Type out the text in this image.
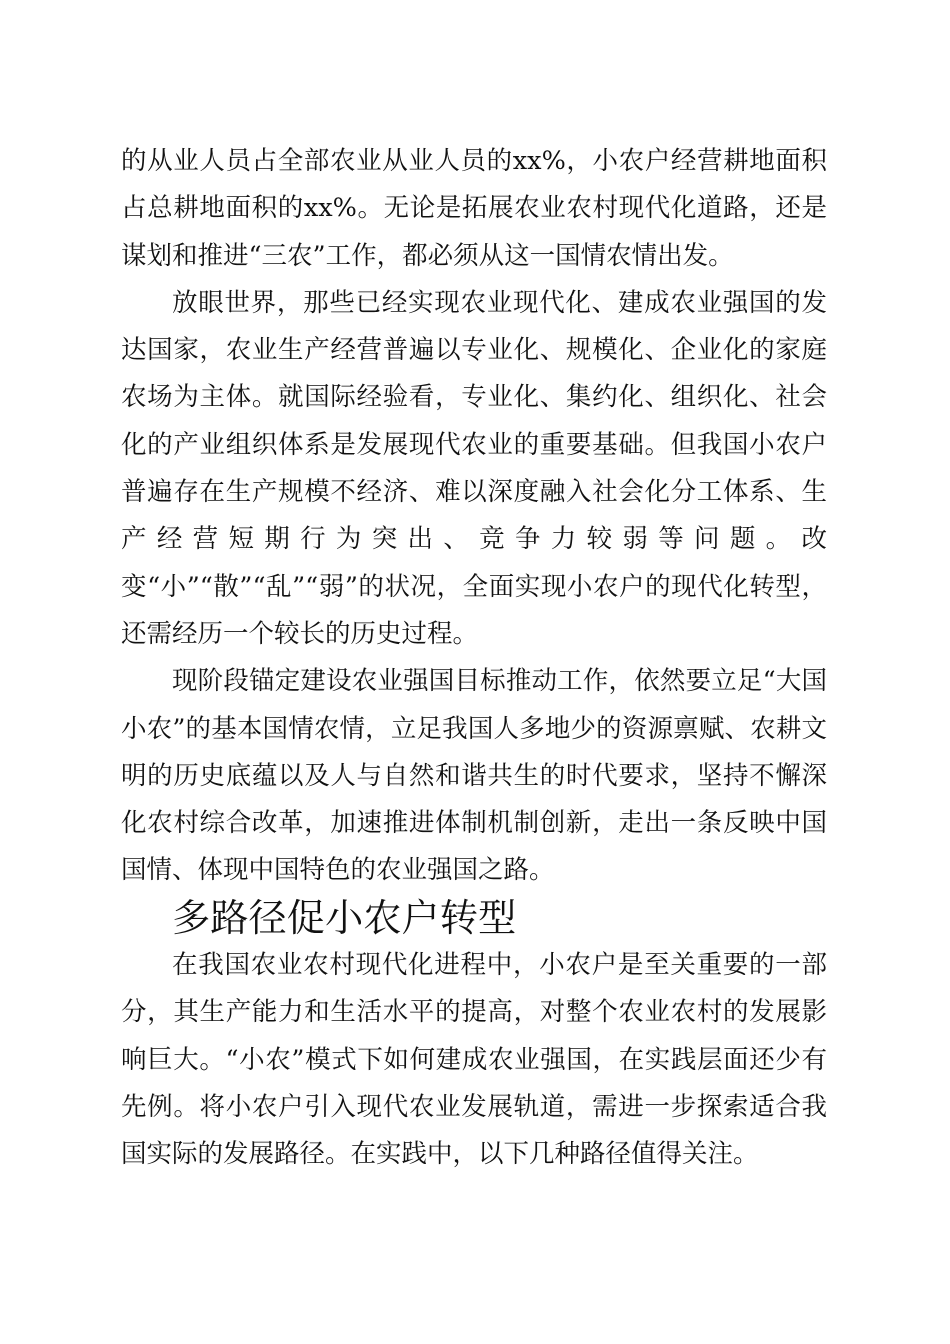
的从业人员占全部农业从业人员的xx%，小农户经营耕地面积占总耕地面积的xx%。无论是拓展农业农村现代化道路，还是谋划和推进“三农”工作，都必须从这一国情农情出发。

放眼世界，那些已经实现农业现代化、建成农业强国的发达国家，农业生产经营普遍以专业化、规模化、企业化的家庭农场为主体。就国际经验看，专业化、集约化、组织化、社会化的产业组织体系是发展现代农业的重要基础。但我国小农户普遍存在生产规模不经济、难以深度融入社会化分工体系、生产经营短期行为突出、竞争力较弱等问题。改变“小”“散”“乱”“弱”的状况，全面实现小农户的现代化转型，还需经历一个较长的历史过程。

现阶段锚定建设农业强国目标推动工作，依然要立足“大国小农”的基本国情农情，立足我国人多地少的资源禀赋、农耕文明的历史底蕴以及人与自然和谐共生的时代要求，坚持不懈深化农村综合改革，加速推进体制机制创新，走出一条反映中国国情、体现中国特色的农业强国之路。

多路径促小农户转型

在我国农业农村现代化进程中，小农户是至关重要的一部分，其生产能力和生活水平的提高，对整个农业农村的发展影响巨大。“小农”模式下如何建成农业强国，在实践层面还少有先例。将小农户引入现代农业发展轨道，需进一步探索适合我国实际的发展路径。在实践中，以下几种路径值得关注。
